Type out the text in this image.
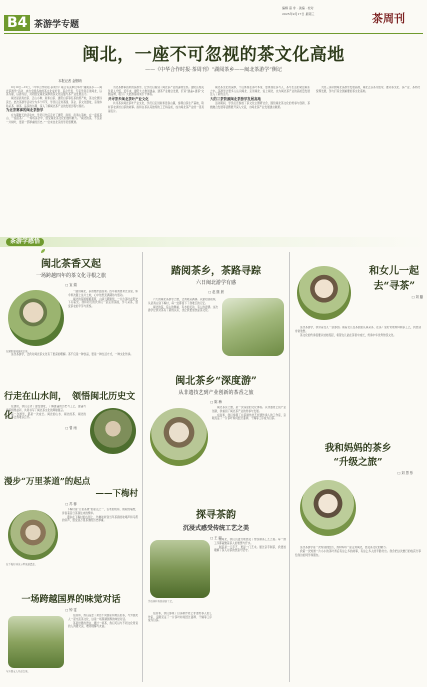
B4 茶游学专题
编辑 高 非 · 美编 · 校对
2025年9月17日 星期三	茶周刊
闽北，一座不可忽视的茶文化高地
——《中华合作时报·茶周刊》“湖阅茶乡——闽北茶游学”侧记
本报记者 金钢哨

9月10日—15日，《中华合作时报·茶周刊》联合有关单位举办“湖阅茶乡——闽北茶游学”活动，来自全国各地的茶文化爱好者、茶企代表、专家学者走进闽北，以茶为媒，以游为径，共同感受闽北深厚的茶文化底蕴与茶产业发展活力。

闽北是武夷岩茶、正山小种、政和白茶、建阳白茶等名茶的原产地，茶文化源远流长。此次茶游学活动分为多个环节，学员们走进茶园、茶企、茶文化遗址，亲身体验采茶、制茶、品茶的乐趣，深入了解闽北茶产业的发展历程与现状。

为北茶赛事的闽北茶游学

在为期数天的活动中，学员们先后走访了建阳、政和、武夷山等地，在一座座茶山、一座座茶厂、一场场茶会中，感受闽北茶文化的独特魅力。“闽北的茶，不仅是一片树叶，更是一部厚重的历史。”一位来自北京的学员感慨道。

为北茶赛事而来的茶游学，让学员们看到了闽北茶产业的蓬勃生机。建阳区相关负责人介绍，近年来，建阳大力推进建盏、建茶产业融合发展，打造“建盏+建茶”文旅品牌，吸引了大批游客前来打卡体验。

共寻茶乡闽北茶叶产业文化

共寻茶乡闽北茶叶产业文化，学员们走进政和县铁山镇，参观白茶生产基地，聆听茶农讲述白茶的故事。政和白茶以其独特的工艺和品质，成为闽北茶产业的一张亮丽名片。

闽北茶文化的深厚，不仅体现在茶叶本身，更体现在茶与人、茶与生活的紧密联系之中。茶游学让更多人认识闽北、走进闽北、爱上闽北，也为闽北茶产业的高质量发展注入了新的活力。

大的三茶资源闽北茶游学发展高地

活动期间，学员们还参加了茶文化主题研讨会，围绕闽北茶文化的传承与创新、茶旅融合发展等话题展开深入交流，为闽北茶产业发展建言献策。

大的三茶资源闽北茶游学发展高地，闽北正以茶为纽带，推动茶文化、茶产业、茶科技统筹发展，努力打造全国重要的茶文化高地。

茶游学感悟
闽北茶香又起
一场跨越四年的茶文化寻根之旅
□ 宣 娟

一踏进闽北，茶香便扑面而来。四年前我曾来过这里，如今再次踏上这片土地，心中依然充满期待与感动。

闽北的茶园郁郁葱葱，山间云雾缭绕，一片片茶叶在阳光下闪着光。我和同行的伙伴们一起走进茶园，学习采茶，感受茶农的辛劳与喜悦。

在建阳茶园体验采茶。

这次茶游学，让我对闽北茶文化有了更深的理解。茶不仅是一种饮品，更是一种生活方式，一种文化传承。

行走在山水间， 领悟闽北历史文化
□ 曾 雨

在建阳，我们走访了建窑遗址，了解建盏的历史与工艺，建盏与建茶相得益彰，共同书写了闽北茶文化的辉煌篇章。

每一次游学，都是一次成长。闽北的山水、闽北的茶、闽北的人，都让我难以忘怀。

漫步“万里茶道”的起点
——下梅村
□ 苏 蓉

下梅村是“万里茶道”的起点之一，古老的街巷、斑驳的墙壁，诉说着昔日茶商往来的繁华。

漫步在下梅村的古街上，仿佛能听到当年茶商的吆喝声和马帮的铃声，感受到万里茶道的历史厚重。

在下梅村寻访万里茶道遗迹。
一场跨越国界的味觉对话
□ 钟 雯

在政和，我们品尝了来自不同国家和地区的茶，与外国友人一起交流茶文化，这是一场跨越国界的味觉对话。

茶是世界的语言，通过一杯茶，我们可以与不同文化背景的人沟通交流，增进理解与友谊。

与外国友人共品白茶。
踏阅茶乡，茶路寻踪
六日闽北游学有感
□ 赵 继 晨

六天的闽北茶游学之旅，让我收获满满。从建阳到政和，从武夷山到下梅村，每一处都留下了我难忘的记忆。

闽北的茶，有山的厚重，有水的灵动，有人的温情。这次游学让我对茶有了新的认识，也让我更加热爱茶文化。

闽北茶乡“深度游”
从非遗技艺到产业创新的茶香之旅
□ 陈 梅

闽北茶乡之旅，是一次深度的文化体验。从非遗技艺到产业创新，我看到了闽北茶产业的传承与发展。

在政和，我们参观了白茶制作技艺非遗传承人的工作室，亲眼见证了一片茶叶如何经过萎凋、干燥等工序成为白茶。

探寻茶韵
沉浸式感受传统工艺之美
□ 王 丽
学员体验传统制茶工艺。

在闽北，我们沉浸式地感受了传统制茶工艺之美。每一道工序都凝聚着茶人的智慧与汗水。

制茶是一门手艺，更是一门艺术。通过亲手制茶，我更加理解了茶人对茶的热爱与坚守。

在政和，我们参观了白茶制作技艺非遗传承人的工作室，亲眼见证了一片茶叶如何经过萎凋、干燥等工序成为白茶。

和女儿一起
去“寻茶”
□ 刘 璐

这次茶游学，我带着女儿一起参加。看着女儿在茶园里认真采茶、在茶厂里好奇地询问制茶工艺，我感到非常欣慰。

茶文化的传承需要从娃娃抓起，希望女儿能在茶香中成长，传承中华优秀传统文化。

我和妈妈的茶乡
“升级之旅”
□ 刘 思 彤

这次茶游学是一次特别的经历，我和妈妈一起走进闽北，感受茶文化的魅力。

我第一次知道一片小小的茶叶背后有这么多的故事，有这么多人的辛勤付出。我会把这次旅行的收获分享给身边的同学和朋友。
